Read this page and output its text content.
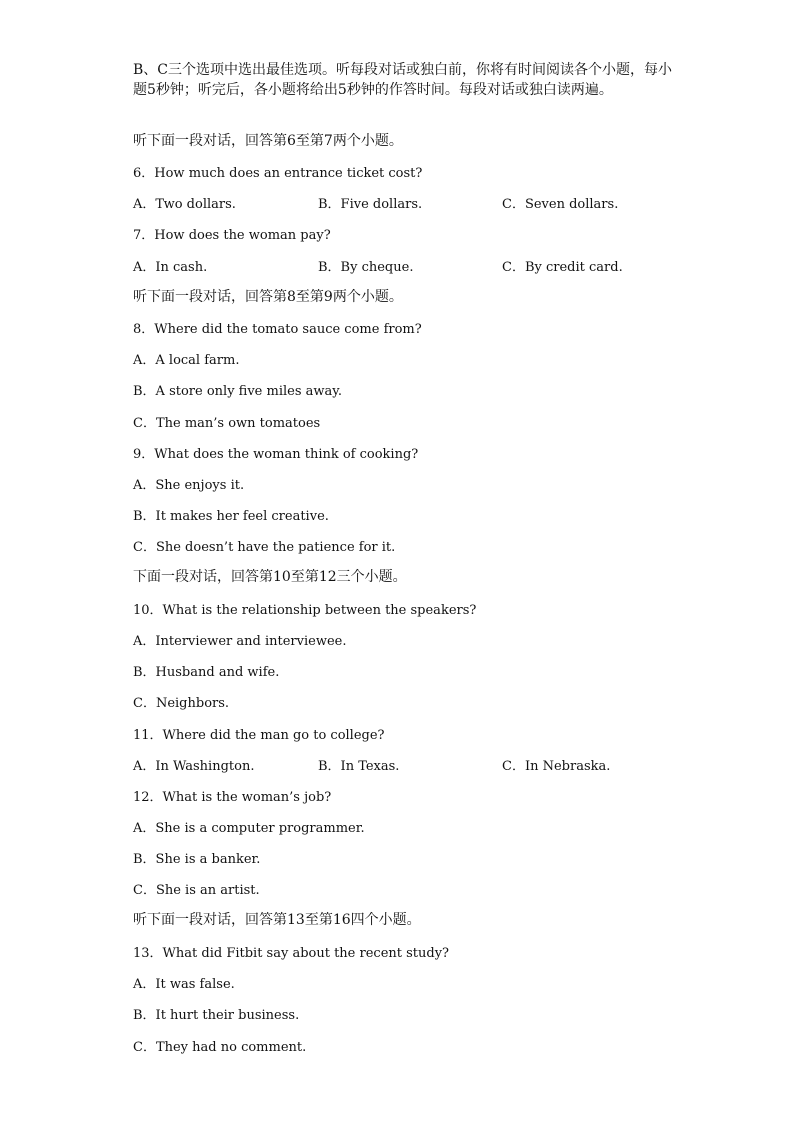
B、C三个选项中选出最佳选项。听每段对话或独白前，你将有时间阅读各个小题，每小题5秒钟；听完后，各小题将给出5秒钟的作答时间。每段对话或独白读两遍。
听下面一段对话，回答第6至第7两个小题。
6．How much does an entrance ticket cost?
A．Two dollars.	B．Five dollars.	C．Seven dollars.
7．How does the woman pay?
A．In cash.	B．By cheque.	C．By credit card.
听下面一段对话，回答第8至第9两个小题。
8．Where did the tomato sauce come from?
A．A local farm.
B．A store only five miles away.
C．The man’s own tomatoes
9．What does the woman think of cooking?
A．She enjoys it.
B．It makes her feel creative.
C．She doesn’t have the patience for it.
下面一段对话，回答第10至第12三个小题。
10．What is the relationship between the speakers?
A．Interviewer and interviewee.
B．Husband and wife.
C．Neighbors.
11．Where did the man go to college?
A．In Washington.	B．In Texas.	C．In Nebraska.
12．What is the woman’s job?
A．She is a computer programmer.
B．She is a banker.
C．She is an artist.
听下面一段对话，回答第13至第16四个小题。
13．What did Fitbit say about the recent study?
A．It was false.
B．It hurt their business.
C．They had no comment.
